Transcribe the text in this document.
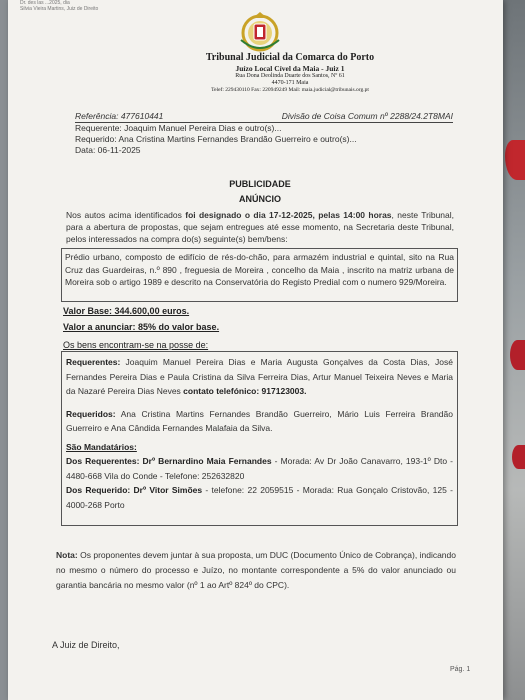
Dr. des las ...2025, dia
Silvia Vieira Martins, Juiz de Direito
Tribunal Judicial da Comarca do Porto
Juízo Local Cível da Maia - Juiz 1
Rua Dona Deolinda Duarte dos Santos, Nº 61
4470-171 Maia
Telef: 229430110 Fax: 220949249 Mail: maia.judicial@tribunais.org.pt
Referência: 477610441	Divisão de Coisa Comum nº 2288/24.2T8MAI
Requerente: Joaquim Manuel Pereira Dias e outro(s)...
Requerido: Ana Cristina Martins Fernandes Brandão Guerreiro e outro(s)...
Data: 06-11-2025
PUBLICIDADE
ANÚNCIO
Nos autos acima identificados foi designado o dia 17-12-2025, pelas 14:00 horas, neste Tribunal, para a abertura de propostas, que sejam entregues até esse momento, na Secretaria deste Tribunal, pelos interessados na compra do(s) seguinte(s) bem/bens:
Prédio urbano, composto de edifício de rés-do-chão, para armazém industrial e quintal, sito na Rua Cruz das Guardeiras, n.º 890 , freguesia de Moreira , concelho da Maia , inscrito na matriz urbana de Moreira sob o artigo 1989 e descrito na Conservatória do Registo Predial com o numero 929/Moreira.
Valor Base: 344.600,00 euros.
Valor a anunciar: 85% do valor base.
Os bens encontram-se na posse de:
Requerentes: Joaquim Manuel Pereira Dias e Maria Augusta Gonçalves da Costa Dias, José Fernandes Pereira Dias e Paula Cristina da Silva Ferreira Dias, Artur Manuel Teixeira Neves e Maria da Nazaré Pereira Dias Neves contato telefónico: 917123003.
Requeridos: Ana Cristina Martins Fernandes Brandão Guerreiro, Mário Luis Ferreira Brandão Guerreiro e Ana Cândida Fernandes Malafaia da Silva.
São Mandatários:
Dos Requerentes: Drº Bernardino Maia Fernandes - Morada: Av Dr João Canavarro, 193-1º Dto - 4480-668 Vila do Conde - Telefone: 252632820
Dos Requerido: Drº Vitor Simões - telefone: 22 2059515 - Morada: Rua Gonçalo Cristovão, 125 - 4000-268 Porto
Nota: Os proponentes devem juntar à sua proposta, um DUC (Documento Único de Cobrança), indicando no mesmo o número do processo e Juízo, no montante correspondente a 5% do valor anunciado ou garantia bancária no mesmo valor (nº 1 ao Artº 824º do CPC).
A Juiz de Direito,
Pág. 1
